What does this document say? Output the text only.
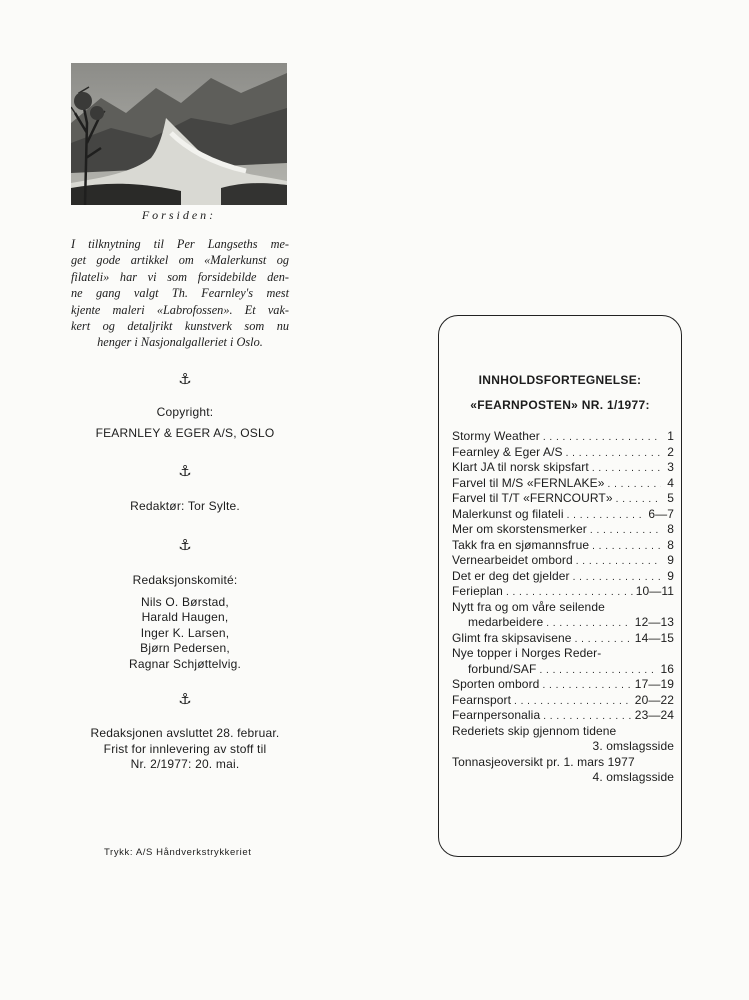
Forsiden:
I tilknytning til Per Langseths me-
get gode artikkel om «Malerkunst og
filateli» har vi som forsidebilde den-
ne gang valgt Th. Fearnley's mest
kjente maleri «Labrofossen». Et vak-
kert og detaljrikt kunstverk som nu
henger i Nasjonalgalleriet i Oslo.
⚓
Copyright:
FEARNLEY & EGER A/S, OSLO
⚓
Redaktør: Tor Sylte.
⚓
Redaksjonskomité:
Nils O. Børstad,
Harald Haugen,
Inger K. Larsen,
Bjørn Pedersen,
Ragnar Schjøttelvig.
⚓
Redaksjonen avsluttet 28. februar.
Frist for innlevering av stoff til
Nr. 2/1977: 20. mai.
Trykk: A/S Håndverkstrykkeriet
INNHOLDSFORTEGNELSE:
«FEARNPOSTEN» NR. 1/1977:
Stormy Weather . . .	1
Fearnley & Eger A/S . . .	2
Klart JA til norsk skipsfart . . .	3
Farvel til M/S «FERNLAKE» . . .	4
Farvel til T/T «FERNCOURT» . . .	5
Malerkunst og filateli . . .	6—7
Mer om skorstensmerker . . .	8
Takk fra en sjømannsfrue . . .	8
Vernearbeidet ombord . . .	9
Det er deg det gjelder . . .	9
Ferieplan . . .	10—11
Nytt fra og om våre seilende
medarbeidere . . .	12—13
Glimt fra skipsavisene . . .	14—15
Nye topper i Norges Reder-
forbund/SAF . . .	16
Sporten ombord . . .	17—19
Fearnsport . . .	20—22
Fearnpersonalia . . .	23—24
Rederiets skip gjennom tidene
3. omslagsside
Tonnasjeoversikt pr. 1. mars 1977
4. omslagsside
